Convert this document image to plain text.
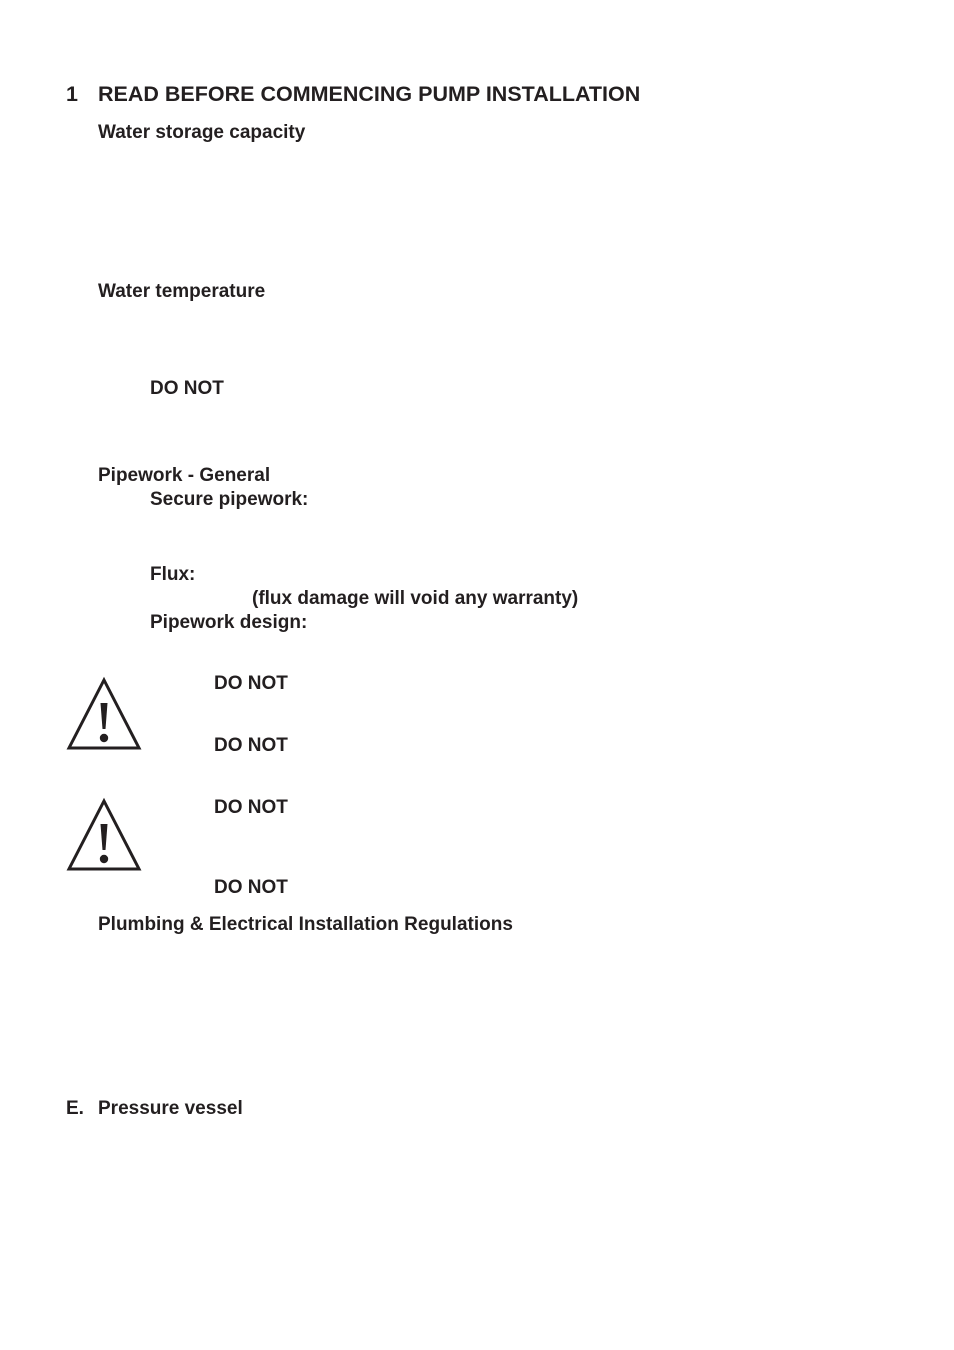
1 READ BEFORE COMMENCING PUMP INSTALLATION
Water storage capacity
Water temperature
DO NOT
Pipework - General
Secure pipework:
Flux:
(flux damage will void any warranty)
Pipework design:
DO NOT
DO NOT
DO NOT
DO NOT
Plumbing & Electrical Installation Regulations
E. Pressure vessel
